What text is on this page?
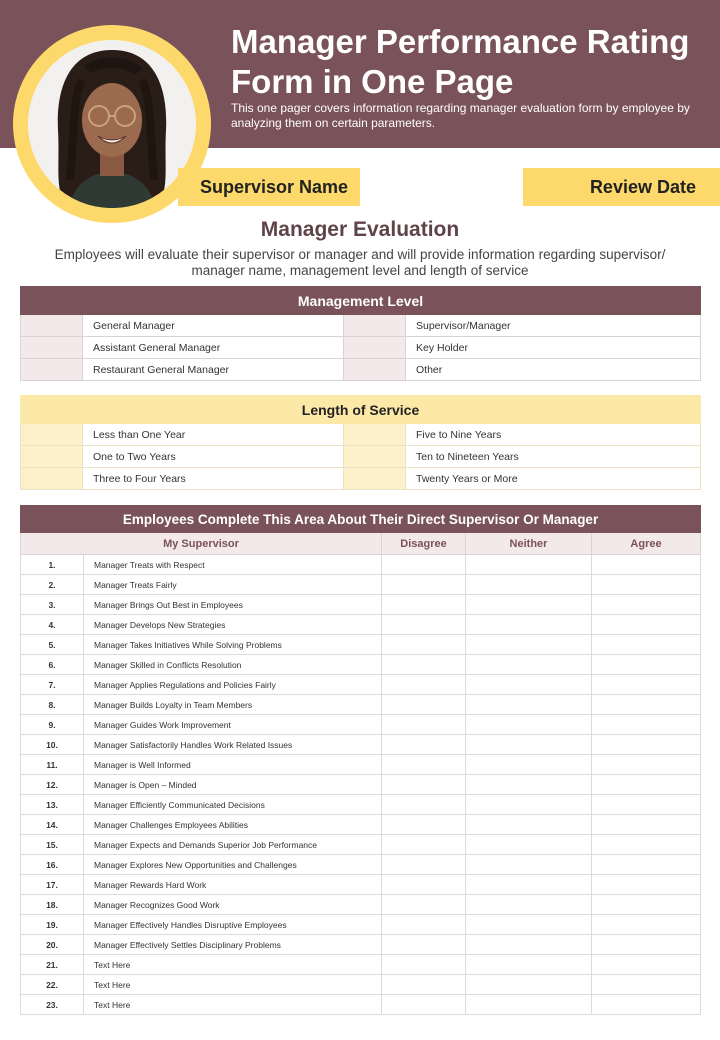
Manager Performance Rating Form in One Page

This one pager covers information regarding manager evaluation form by employee by analyzing them on certain parameters.

Supervisor Name	Review Date
Manager Evaluation
Employees will evaluate their supervisor or manager and will provide information regarding supervisor/ manager name, management level and length of service
Management Level			
	General Manager		Supervisor/Manager
	Assistant General Manager		Key Holder
	Restaurant General Manager		Other
Length of Service			
	Less than One Year		Five to Nine Years
	One to Two Years		Ten to Nineteen Years
	Three to Four Years		Twenty Years or More
Employees Complete This Area About Their Direct Supervisor Or Manager				
My Supervisor		Disagree	Neither	Agree
1.	Manager Treats with Respect			
2.	Manager Treats Fairly			
3.	Manager Brings Out Best in Employees			
4.	Manager Develops New Strategies			
5.	Manager Takes Initiatives While Solving Problems			
6.	Manager Skilled in Conflicts Resolution			
7.	Manager Applies Regulations and Policies Fairly			
8.	Manager Builds Loyalty in Team Members			
9.	Manager Guides Work Improvement			
10.	Manager Satisfactorily Handles Work Related Issues			
11.	Manager is Well Informed			
12.	Manager is Open – Minded			
13.	Manager Efficiently Communicated Decisions			
14.	Manager Challenges Employees Abilities			
15.	Manager Expects and Demands Superior Job Performance			
16.	Manager Explores New Opportunities and Challenges			
17.	Manager Rewards Hard Work			
18.	Manager Recognizes Good Work			
19.	Manager Effectively Handles Disruptive Employees			
20.	Manager Effectively Settles Disciplinary Problems			
21.	Text Here			
22.	Text Here			
23.	Text Here			
